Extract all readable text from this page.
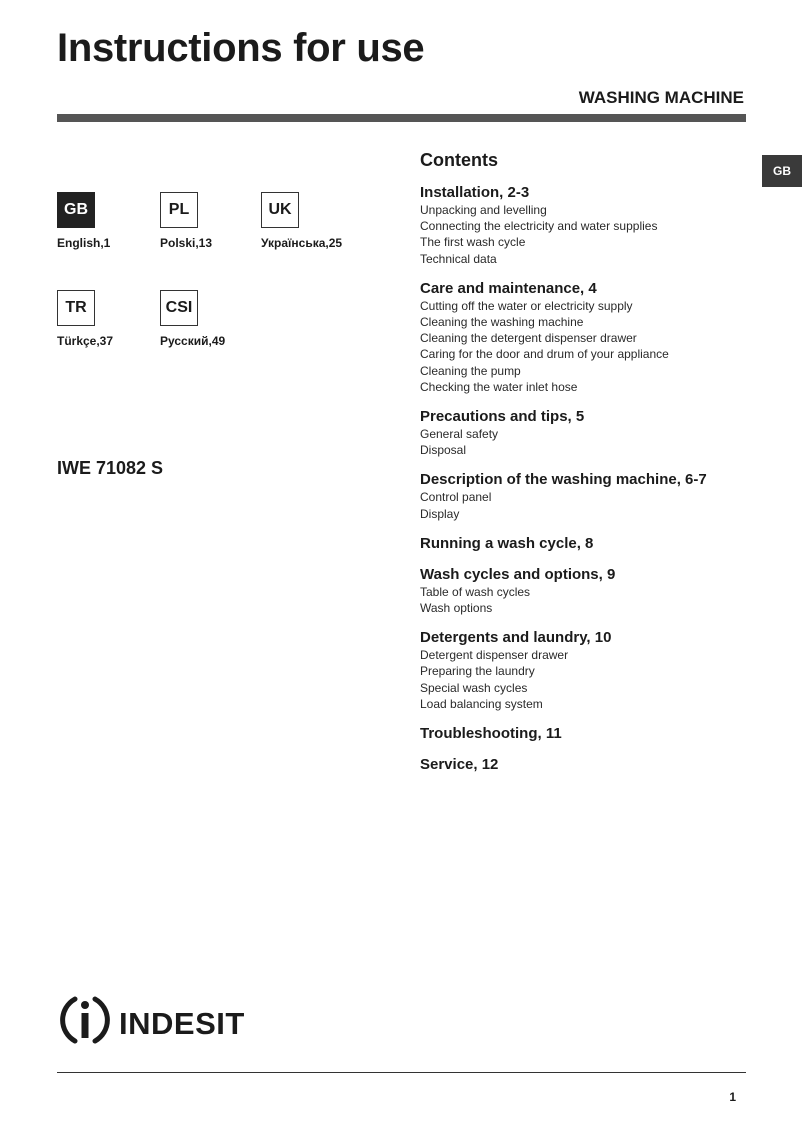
Instructions for use
WASHING MACHINE
GB
GB
English,1
PL
Polski,13
UK
Українська,25
TR
Türkçe,37
CSI
Русский,49
IWE 71082 S
Contents
Installation, 2-3
Unpacking and levelling
Connecting the electricity and water supplies
The first wash cycle
Technical data
Care and maintenance, 4
Cutting off the water or electricity supply
Cleaning the washing machine
Cleaning the detergent dispenser drawer
Caring for the door and drum of your appliance
Cleaning the pump
Checking the water inlet hose
Precautions and tips, 5
General safety
Disposal
Description of the washing machine, 6-7
Control panel
Display
Running a wash cycle, 8
Wash cycles and options, 9
Table of wash cycles
Wash options
Detergents and laundry, 10
Detergent dispenser drawer
Preparing the laundry
Special wash cycles
Load balancing system
Troubleshooting, 11
Service, 12
INDESIT
1
